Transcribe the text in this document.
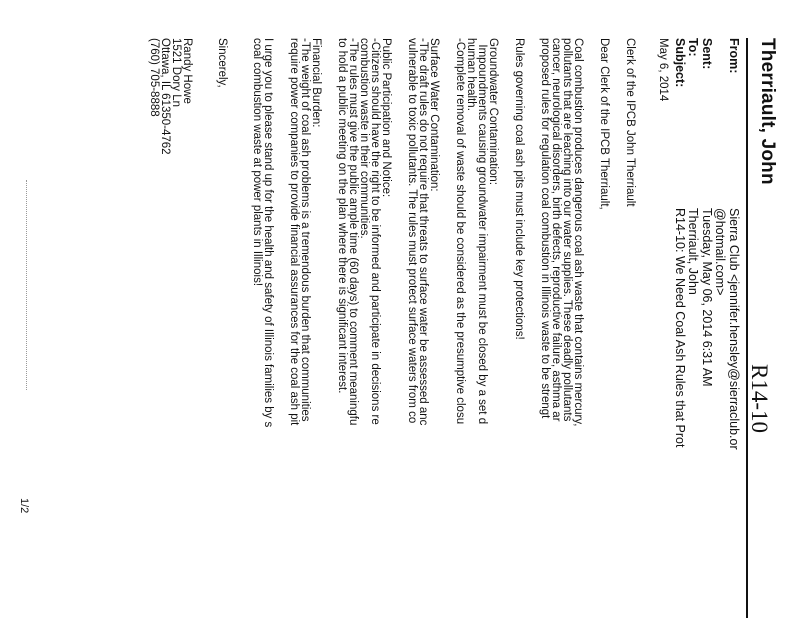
Therriault, John
R14-10
From:
Sierra Club <jennifer.hensley@sierraclub.or
@hotmail.com>
Sent:
Tuesday, May 06, 2014 6:31 AM
To:
Therriault, John
Subject:
R14-10: We Need Coal Ash Rules that Prot
May 6, 2014
Clerk of the IPCB John Therriault
Dear Clerk of the IPCB Therriault,
Coal combustion produces dangerous coal ash waste that contains mercury,
pollutants that are leaching into our water supplies. These deadly pollutants
cancer, neurological disorders, birth defects, reproductive failure, asthma ar
proposed rules for regulation coal combustion in Illinois waste to be strengt
Rules governing coal ash pits must include key protections!
Groundwater Contamination:
Impoundments causing groundwater impairment must be closed by a set d
human health.
-Complete removal of waste should be considered as the presumptive closu
Surface Water Contamination:
-The draft rules do not require that threats to surface water be assessed anc
vulnerable to toxic pollutants. The rules must protect surface waters from co
Public Participation and Notice:
-Citizens should have the right to be informed and participate in decisions re
combustion waste in their communities.
-The rules must give the public ample time (60 days) to comment meaningfu
to hold a public meeting on the plan where there is significant interest.
Financial Burden:
-The weight of coal ash problems is a tremendous burden that communities
require power companies to provide financial assurances for the coal ash pit
I urge you to please stand up for the health and safety of Illinois families by s
coal combustion waste at power plants in Illinois!
Sincerely,
Randy Howe
1521 Dory Ln
Ottawa, IL 61350-4762
(760) 705-8888
1/2
